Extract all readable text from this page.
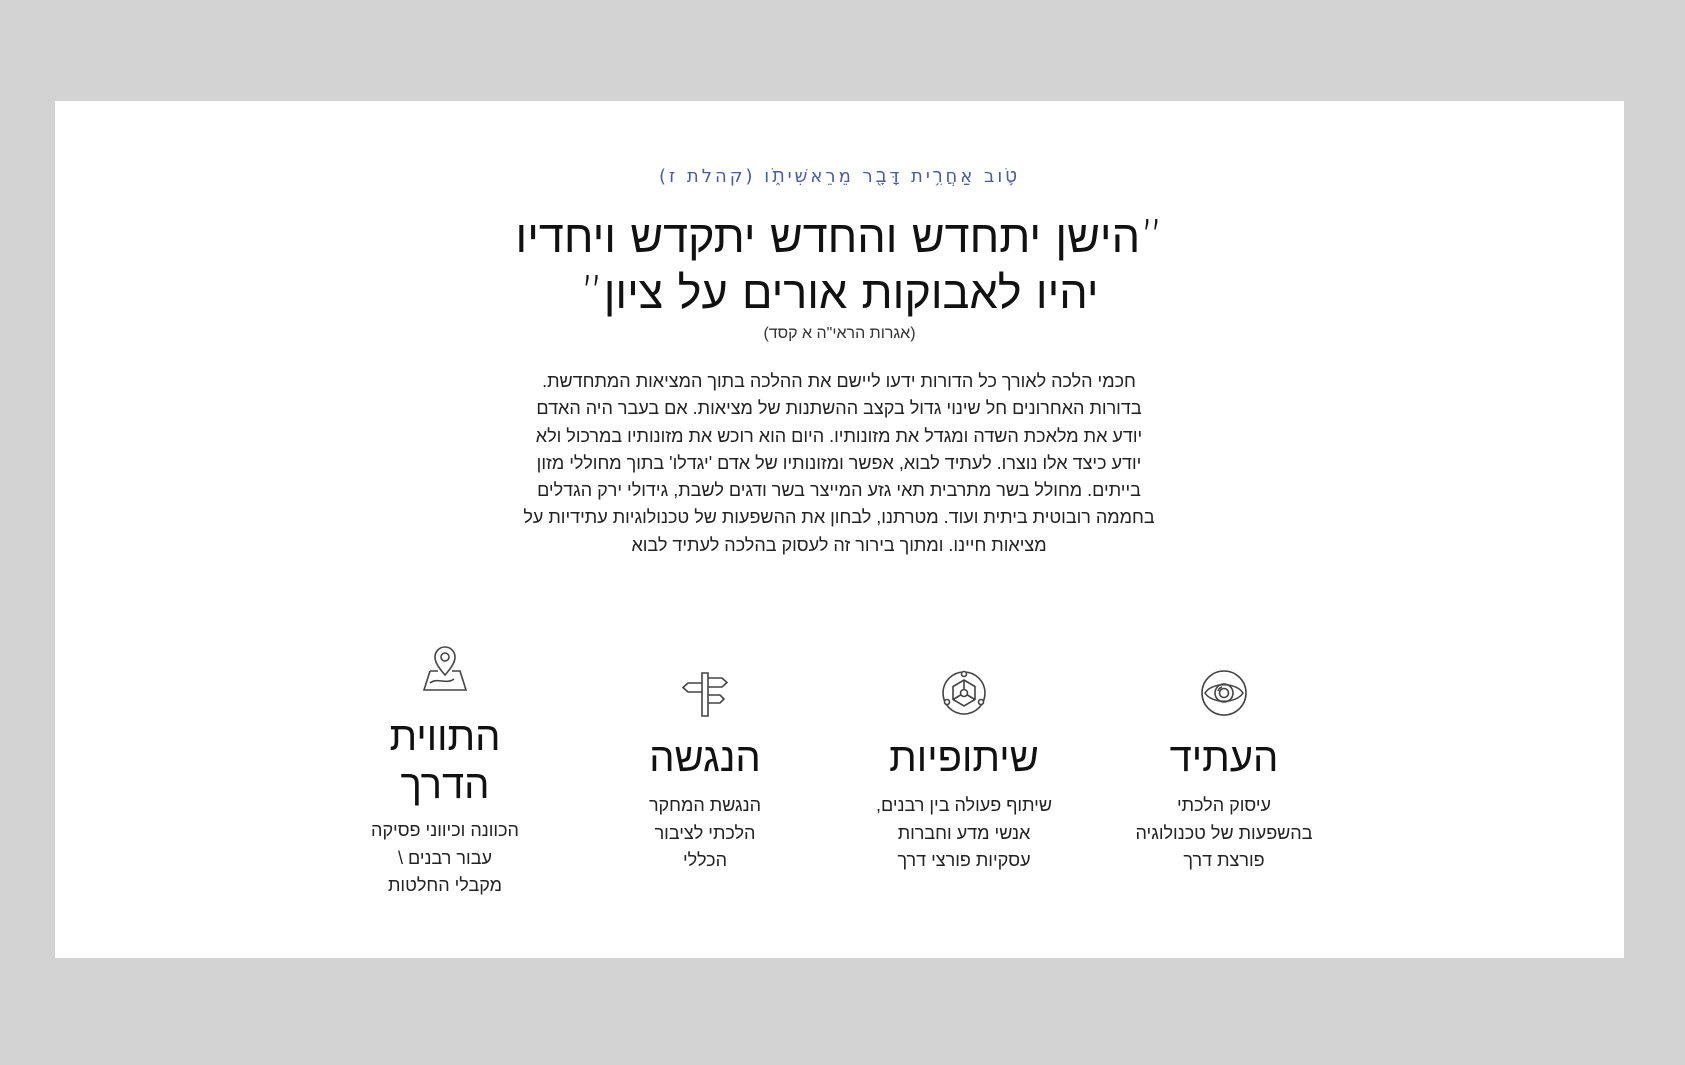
טֹ֛וב אַחֲרִ֥ית דָּבָ֖ר מֵרֵאשִׁיתֹ֑ו (קהלת ז)
”הישן יתחדש והחדש יתקדש ויחדיו
יהיו לאבוקות אורים על ציון”
(אגרות הראי"ה א קסד)
חכמי הלכה לאורך כל הדורות ידעו ליישם את ההלכה בתוך המציאות המתחדשת.
בדורות האחרונים חל שינוי גדול בקצב ההשתנות של מציאות. אם בעבר היה האדם
יודע את מלאכת השדה ומגדל את מזונותיו. היום הוא רוכש את מזונותיו במרכול ולא
יודע כיצד אלו נוצרו. לעתיד לבוא, אפשר ומזונותיו של אדם 'יגדלו' בתוך מחוללי מזון
בייתים. מחולל בשר מתרבית תאי גזע המייצר בשר ודגים לשבת, גידולי ירק הגדלים
בחממה רובוטית ביתית ועוד. מטרתנו, לבחון את ההשפעות של טכנולוגיות עתידיות על
מציאות חיינו. ומתוך בירור זה לעסוק בהלכה לעתיד לבוא
העתיד
עיסוק הלכתי
בהשפעות של טכנולוגיה
פורצת דרך
שיתופיות
שיתוף פעולה בין רבנים,
אנשי מדע וחברות
עסקיות פורצי דרך
הנגשה
הנגשת המחקר
הלכתי לציבור
הכללי
התווית
הדרך
הכוונה וכיווני פסיקה
עבור רבנים \
מקבלי החלטות
